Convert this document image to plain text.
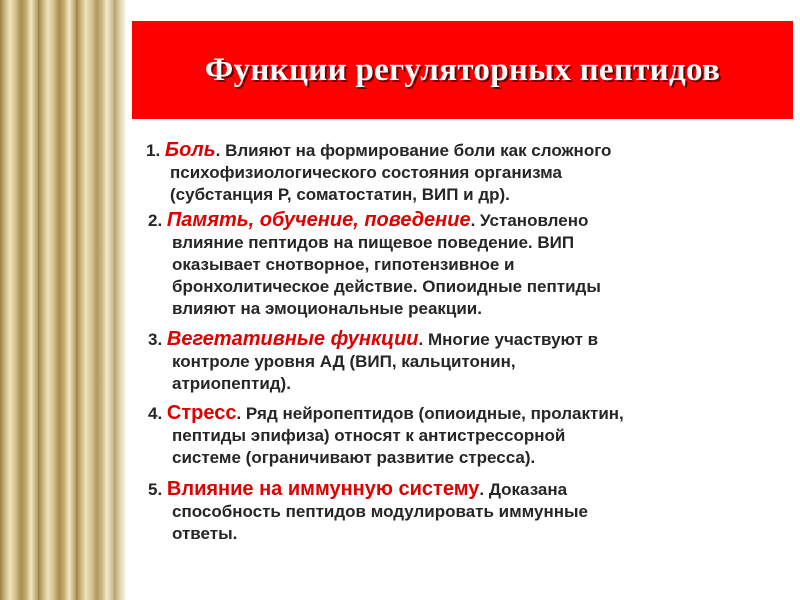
Функции регуляторных пептидов
1. Боль. Влияют на формирование боли как сложного
психофизиологического состояния организма
(субстанция Р, соматостатин, ВИП и др).
2. Память, обучение, поведение. Установлено
влияние пептидов на пищевое поведение. ВИП
оказывает снотворное, гипотензивное и
бронхолитическое действие. Опиоидные пептиды
влияют на эмоциональные реакции.
3. Вегетативные функции. Многие участвуют в
контроле уровня АД (ВИП, кальцитонин,
атриопептид).
4. Стресс. Ряд нейропептидов (опиоидные, пролактин,
пептиды эпифиза) относят к антистрессорной
системе (ограничивают развитие стресса).
5. Влияние на иммунную систему. Доказана
способность пептидов модулировать иммунные
ответы.
